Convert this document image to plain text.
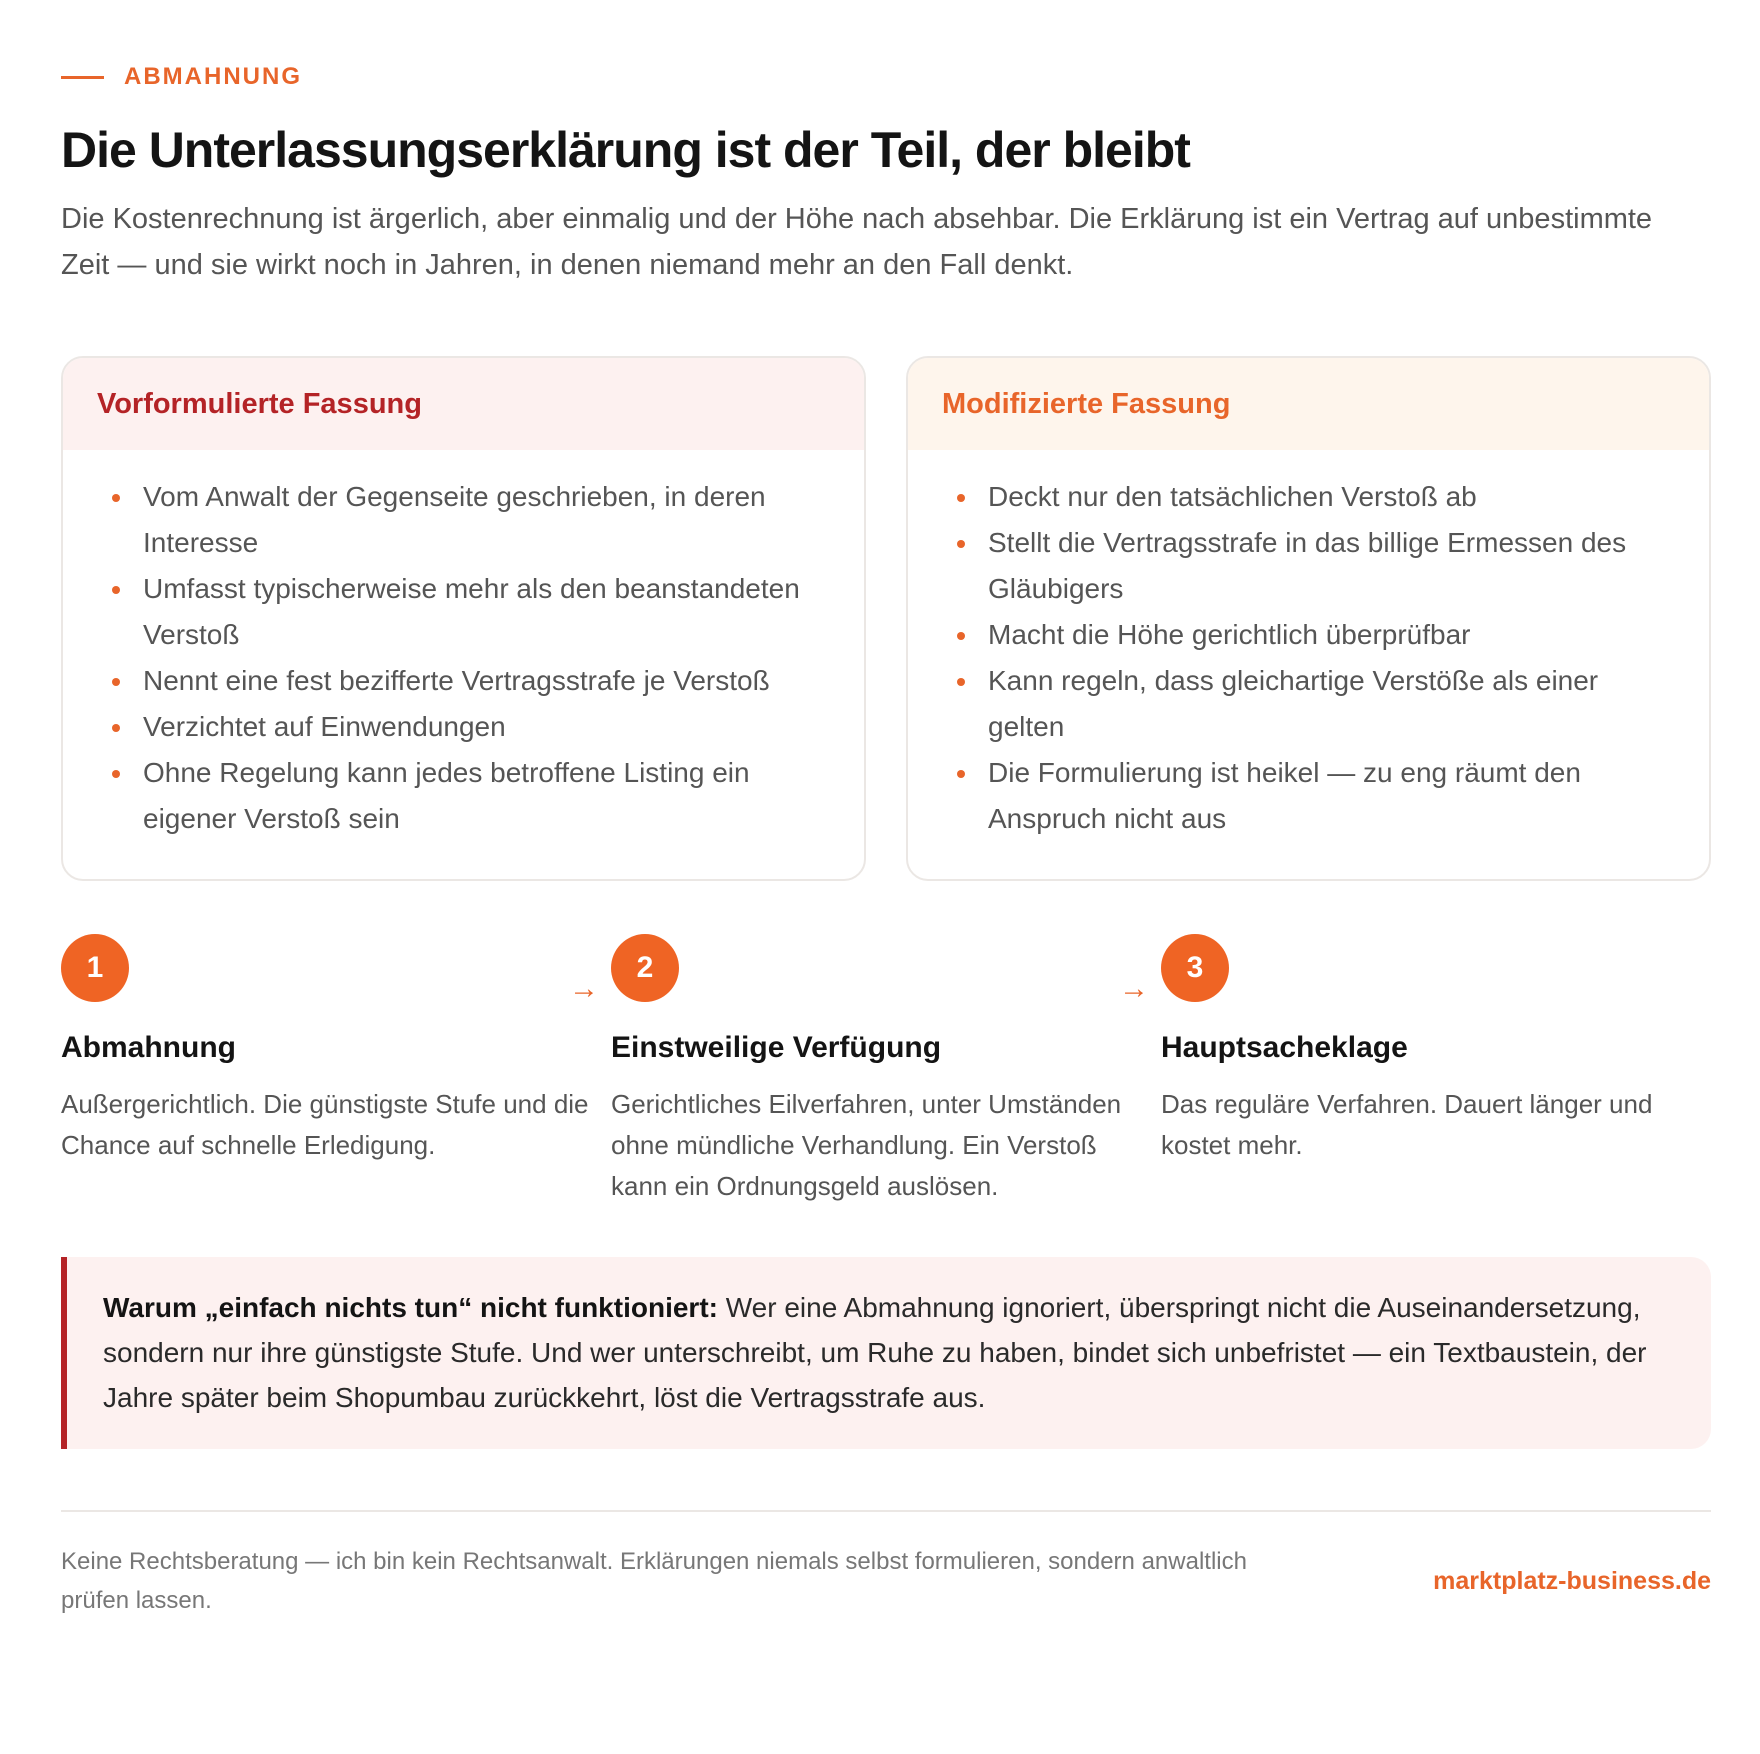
ABMAHNUNG
Die Unterlassungserklärung ist der Teil, der bleibt

Die Kostenrechnung ist ärgerlich, aber einmalig und der Höhe nach absehbar. Die Erklärung ist ein Vertrag auf unbestimmte Zeit — und sie wirkt noch in Jahren, in denen niemand mehr an den Fall denkt.

Vorformulierte Fassung
Vom Anwalt der Gegenseite geschrieben, in deren Interesse
Umfasst typischerweise mehr als den beanstandeten Verstoß
Nennt eine fest bezifferte Vertragsstrafe je Verstoß
Verzichtet auf Einwendungen
Ohne Regelung kann jedes betroffene Listing ein eigener Verstoß sein
Modifizierte Fassung
Deckt nur den tatsächlichen Verstoß ab
Stellt die Vertragsstrafe in das billige Ermessen des Gläubigers
Macht die Höhe gerichtlich überprüfbar
Kann regeln, dass gleichartige Verstöße als einer gelten
Die Formulierung ist heikel — zu eng räumt den Anspruch nicht aus
1
Abmahnung
Außergerichtlich. Die günstigste Stufe und die Chance auf schnelle Erledigung.
→
2
Einstweilige Verfügung
Gerichtliches Eilverfahren, unter Umständen ohne mündliche Verhandlung. Ein Verstoß kann ein Ordnungsgeld auslösen.
→
3
Hauptsacheklage
Das reguläre Verfahren. Dauert länger und kostet mehr.
Warum „einfach nichts tun“ nicht funktioniert: Wer eine Abmahnung ignoriert, überspringt nicht die Auseinandersetzung, sondern nur ihre günstigste Stufe. Und wer unterschreibt, um Ruhe zu haben, bindet sich unbefristet — ein Textbaustein, der Jahre später beim Shopumbau zurückkehrt, löst die Vertragsstrafe aus.

Keine Rechtsberatung — ich bin kein Rechtsanwalt. Erklärungen niemals selbst formulieren, sondern anwaltlich prüfen lassen.

marktplatz-business.de
